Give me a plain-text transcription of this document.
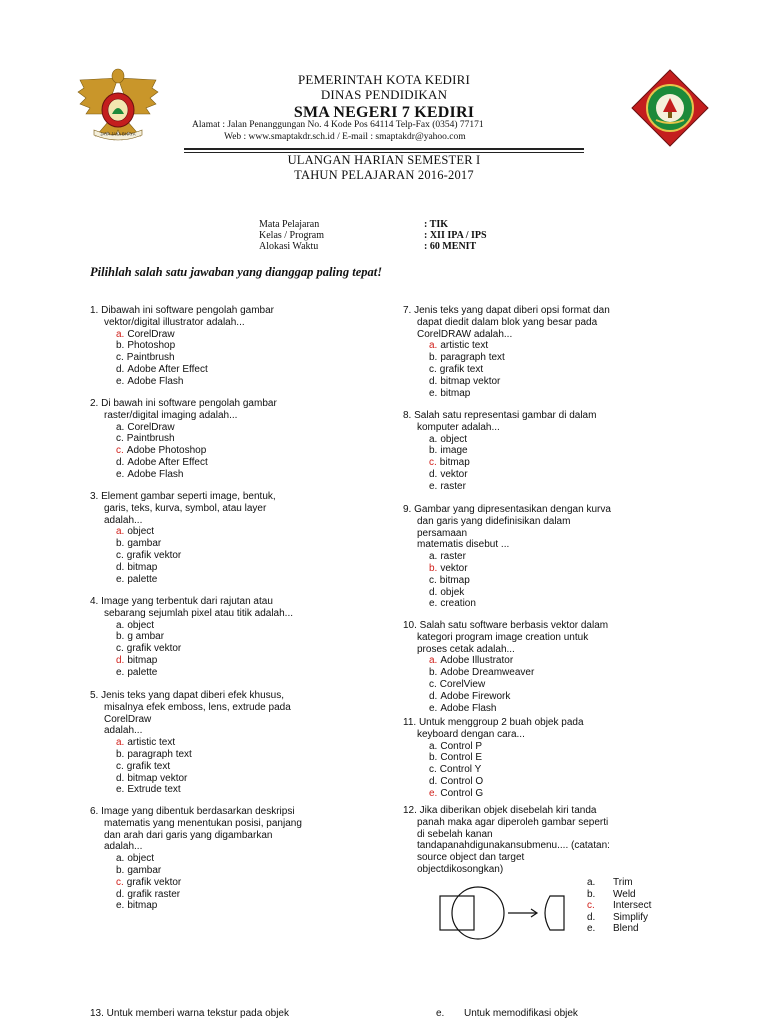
JAYA JAYA BHAYA
PEMERINTAH KOTA KEDIRI
DINAS PENDIDIKAN
SMA NEGERI 7 KEDIRI
Alamat : Jalan Penanggungan No. 4 Kode Pos 64114 Telp-Fax (0354) 77171
Web : www.smaptakdr.sch.id / E-mail : smaptakdr@yahoo.com
ULANGAN HARIAN SEMESTER I
TAHUN PELAJARAN 2016-2017
Mata Pelajaran	: TIK
Kelas / Program	: XII IPA / IPS
Alokasi Waktu	: 60 MENIT
Pilihlah salah satu jawaban yang dianggap paling tepat!
1. Dibawah ini software pengolah gambar
vektor/digital illustrator adalah...
a. CorelDraw
b. Photoshop
c. Paintbrush
d. Adobe After Effect
e. Adobe Flash
2. Di bawah ini software pengolah gambar
raster/digital imaging adalah...
a. CorelDraw
c. Paintbrush
c. Adobe Photoshop
d. Adobe After Effect
e. Adobe Flash
3. Element gambar seperti image, bentuk,
garis, teks, kurva, symbol, atau layer
adalah...
a. object
b. gambar
c. grafik vektor
d. bitmap
e. palette
4. Image yang terbentuk dari rajutan atau
sebarang sejumlah pixel atau titik adalah...
a. object
b. g ambar
c. grafik vektor
d. bitmap
e. palette
5. Jenis teks yang dapat diberi efek khusus,
misalnya efek emboss, lens, extrude pada
CorelDraw
adalah...
a. artistic text
b. paragraph text
c. grafik text
d. bitmap vektor
e. Extrude text
6. Image yang dibentuk berdasarkan deskripsi
matematis yang menentukan posisi, panjang
dan arah dari garis yang digambarkan
adalah...
a. object
b. gambar
c. grafik vektor
d. grafik raster
e. bitmap
7. Jenis teks yang dapat diberi opsi format dan
dapat diedit dalam blok yang besar pada
CorelDRAW adalah...
a. artistic text
b. paragraph text
c. grafik text
d. bitmap vektor
e. bitmap
8. Salah satu representasi gambar di dalam
komputer adalah...
a. object
b. image
c. bitmap
d. vektor
e. raster
9. Gambar yang dipresentasikan dengan kurva
dan garis yang didefinisikan dalam
persamaan
matematis disebut ...
a. raster
b. vektor
c. bitmap
d. objek
e. creation
10. Salah satu software berbasis vektor dalam
kategori program image creation untuk
proses cetak adalah...
a. Adobe Illustrator
b. Adobe Dreamweaver
c. CorelView
d. Adobe Firework
e. Adobe Flash
11. Untuk menggroup 2 buah objek pada
keyboard dengan cara...
a. Control P
b. Control E
c. Control Y
d. Control O
e. Control G
12. Jika diberikan objek disebelah kiri tanda
panah maka agar diperoleh gambar seperti
di sebelah kanan
tandapanahdigunakansubmenu.... (catatan:
source object dan target
objectdikosongkan)
a.	Trim
b.	Weld
c.	Intersect
d.	Simplify
e.	Blend
13. Untuk memberi warna tekstur pada objek	e. Untuk memodifikasi objek
